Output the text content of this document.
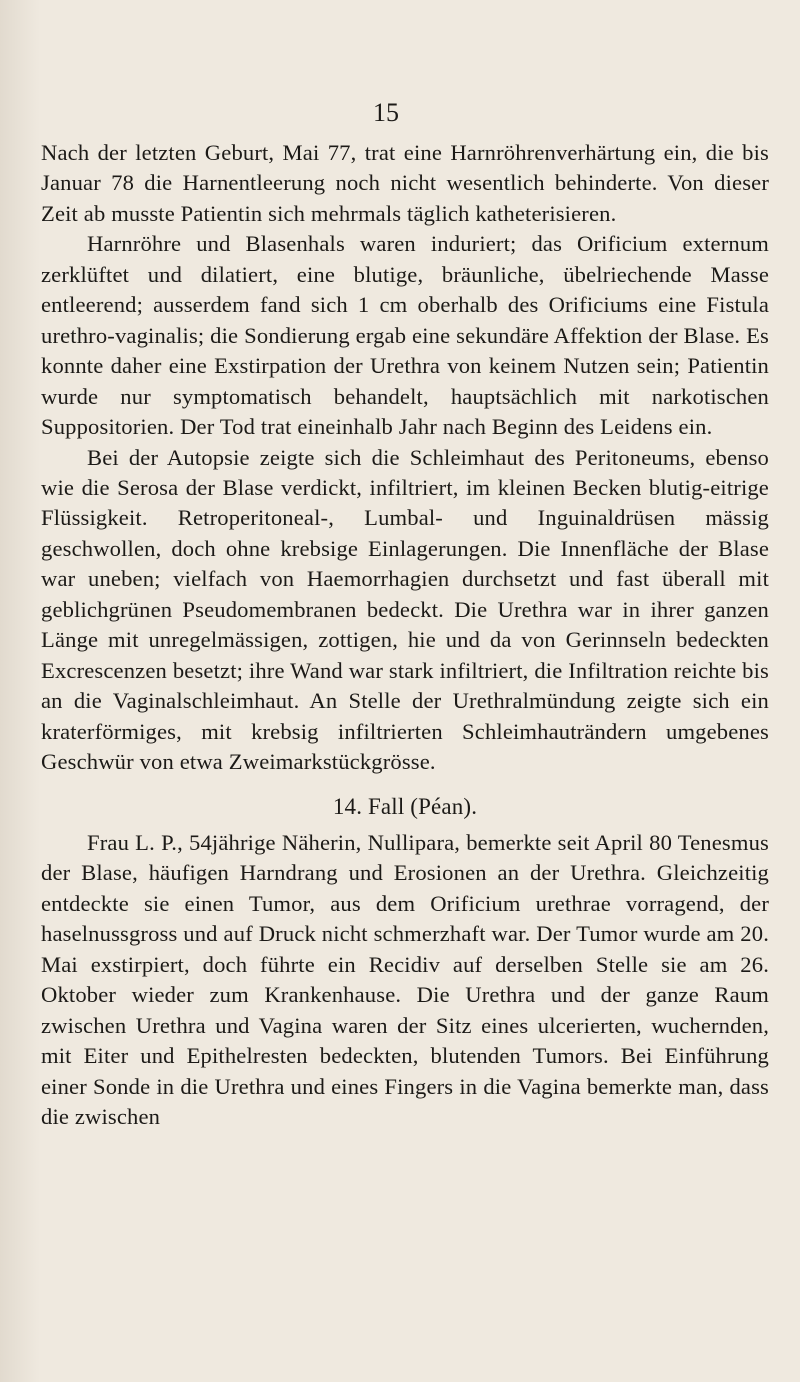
15

Nach der letzten Geburt, Mai 77, trat eine Harnröhrenverhärtung ein, die bis Januar 78 die Harnentleerung noch nicht wesentlich behinderte. Von dieser Zeit ab musste Patientin sich mehrmals täglich katheterisieren.

Harnröhre und Blasenhals waren induriert; das Orificium externum zerklüftet und dilatiert, eine blutige, bräunliche, übelriechende Masse entleerend; ausserdem fand sich 1 cm oberhalb des Orificiums eine Fistula urethro-vaginalis; die Sondierung ergab eine sekundäre Affektion der Blase. Es konnte daher eine Exstirpation der Urethra von keinem Nutzen sein; Patientin wurde nur symptomatisch behandelt, hauptsächlich mit narkotischen Suppositorien. Der Tod trat eineinhalb Jahr nach Beginn des Leidens ein.

Bei der Autopsie zeigte sich die Schleimhaut des Peritoneums, ebenso wie die Serosa der Blase verdickt, infiltriert, im kleinen Becken blutig-eitrige Flüssigkeit. Retroperitoneal-, Lumbal- und Inguinaldrüsen mässig geschwollen, doch ohne krebsige Einlagerungen. Die Innenfläche der Blase war uneben; vielfach von Haemorrhagien durchsetzt und fast überall mit geblichgrünen Pseudomembranen bedeckt. Die Urethra war in ihrer ganzen Länge mit unregelmässigen, zottigen, hie und da von Gerinnseln bedeckten Excrescenzen besetzt; ihre Wand war stark infiltriert, die Infiltration reichte bis an die Vaginalschleimhaut. An Stelle der Urethralmündung zeigte sich ein kraterförmiges, mit krebsig infiltrierten Schleimhauträndern umgebenes Geschwür von etwa Zweimarkstückgrösse.

14. Fall (Péan).

Frau L. P., 54jährige Näherin, Nullipara, bemerkte seit April 80 Tenesmus der Blase, häufigen Harndrang und Erosionen an der Urethra. Gleichzeitig entdeckte sie einen Tumor, aus dem Orificium urethrae vorragend, der haselnussgross und auf Druck nicht schmerzhaft war. Der Tumor wurde am 20. Mai exstirpiert, doch führte ein Recidiv auf derselben Stelle sie am 26. Oktober wieder zum Krankenhause. Die Urethra und der ganze Raum zwischen Urethra und Vagina waren der Sitz eines ulcerierten, wuchernden, mit Eiter und Epithelresten bedeckten, blutenden Tumors. Bei Einführung einer Sonde in die Urethra und eines Fingers in die Vagina bemerkte man, dass die zwischen
